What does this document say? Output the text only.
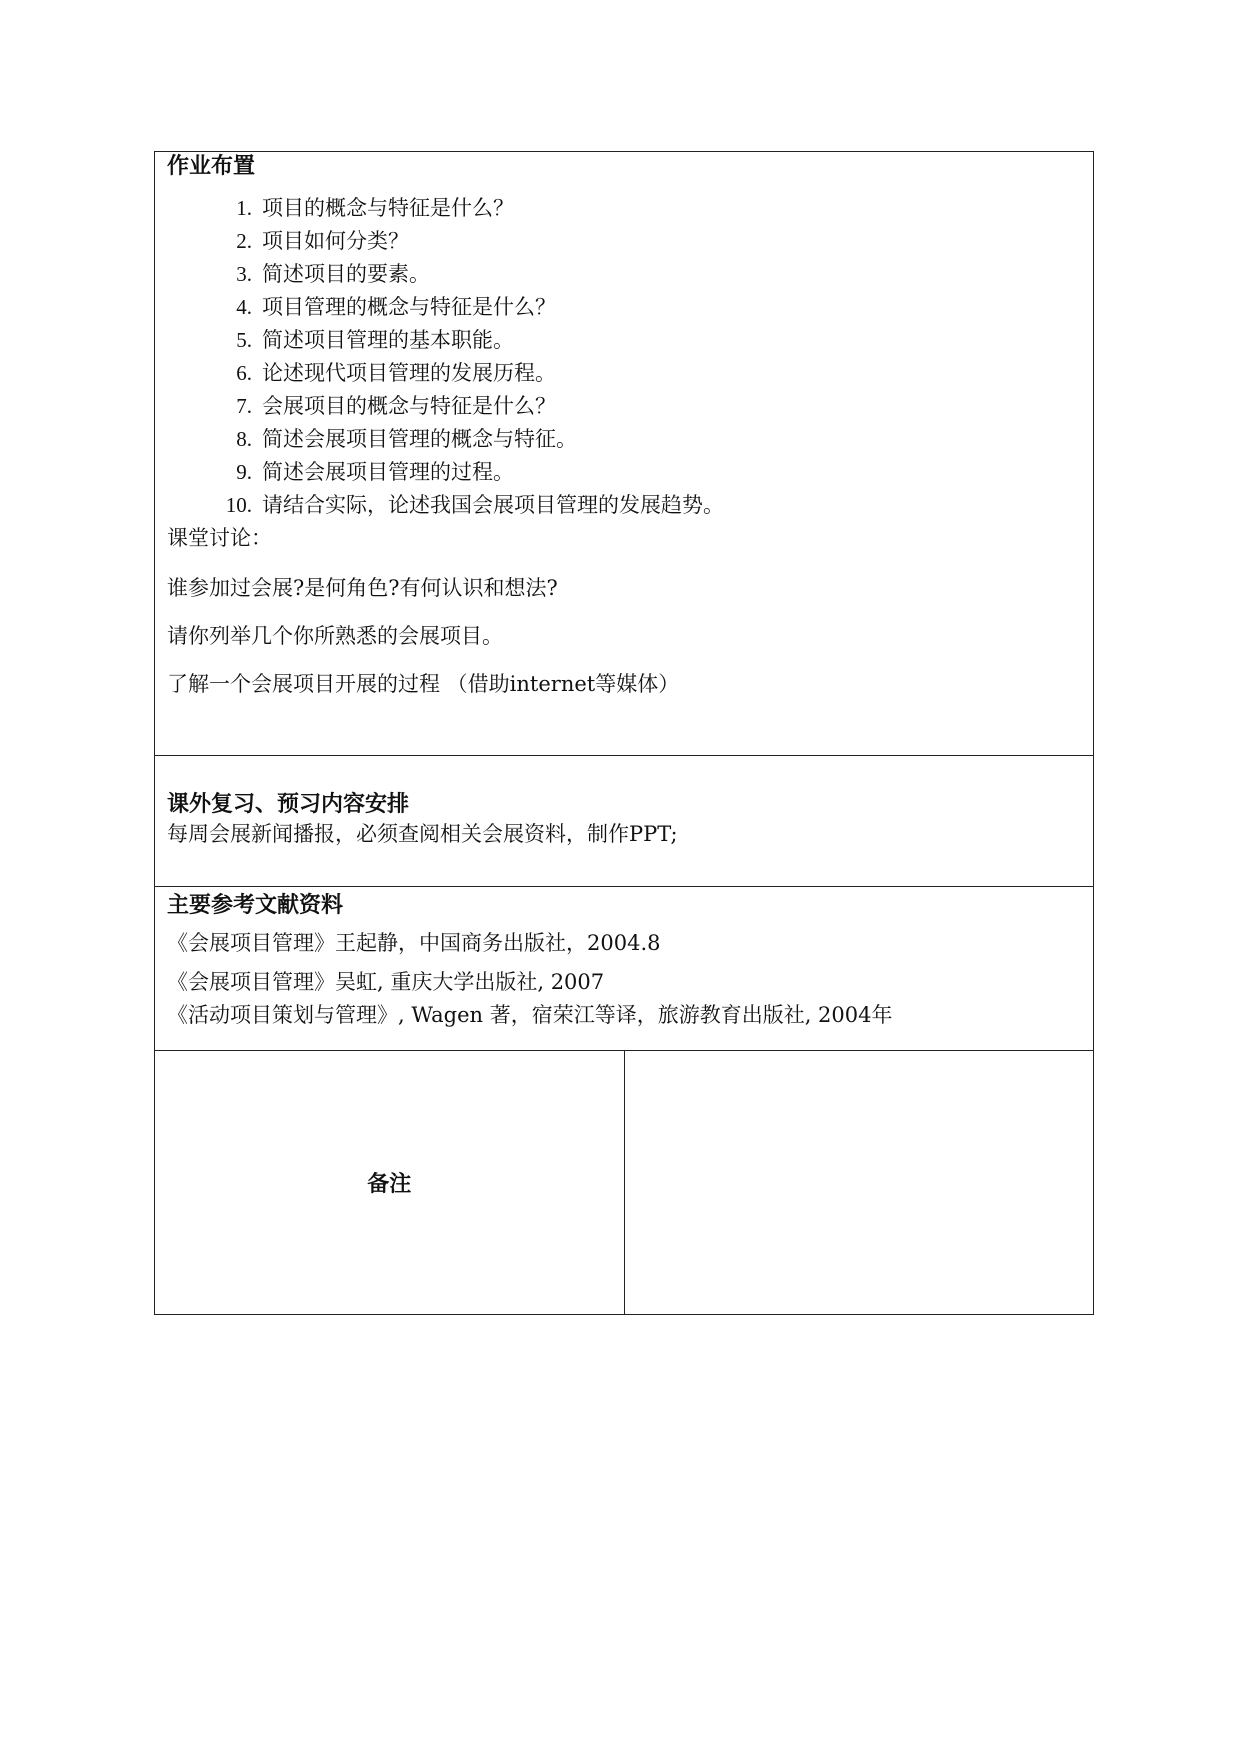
作业布置
1. 项目的概念与特征是什么？
2. 项目如何分类？
3. 简述项目的要素。
4. 项目管理的概念与特征是什么？
5. 简述项目管理的基本职能。
6. 论述现代项目管理的发展历程。
7. 会展项目的概念与特征是什么？
8. 简述会展项目管理的概念与特征。
9. 简述会展项目管理的过程。
10. 请结合实际，论述我国会展项目管理的发展趋势。
课堂讨论：
谁参加过会展?是何角色?有何认识和想法?
请你列举几个你所熟悉的会展项目。
了解一个会展项目开展的过程 （借助internet等媒体）

课外复习、预习内容安排
每周会展新闻播报，必须查阅相关会展资料，制作PPT;

主要参考文献资料
《会展项目管理》王起静，中国商务出版社，2004.8
《会展项目管理》吴虹, 重庆大学出版社, 2007
《活动项目策划与管理》, Wagen 著，宿荣江等译，旅游教育出版社, 2004年

备注	
